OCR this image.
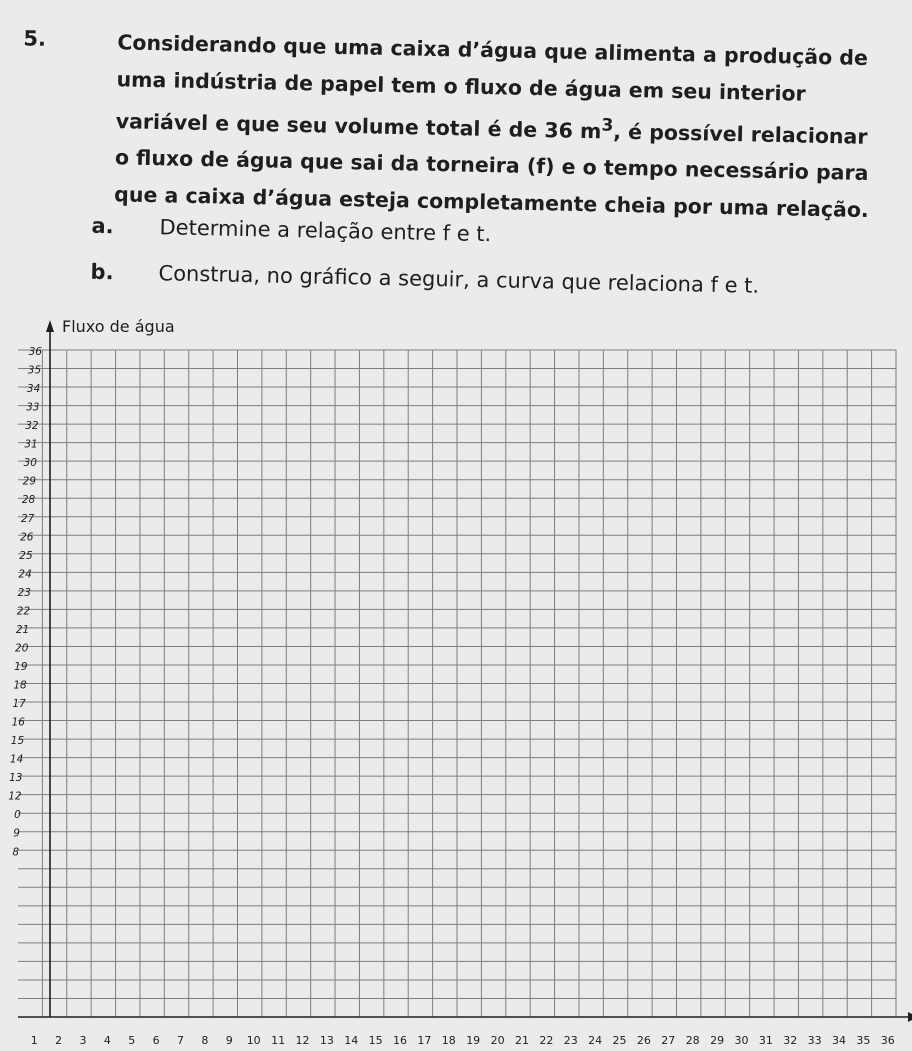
5.	Considerando que uma caixa d’água que alimenta a produção de uma indústria de papel tem o fluxo de água em seu interior variável e que seu volume total é de 36 $m^3$, é possível relacionar o fluxo de água que sai da torneira (f) e o tempo necessário para que a caixa d’água esteja completamente cheia por uma relação.
a. Determine a relação entre f e t.
b. Construa, no gráfico a seguir, a curva que relaciona f e t.
36
35
34
33
32
31
30
29
28
27
26
25
24
23
22
21
20
19
18
17
16
15
14
13
12
0
9
8
1 2 3 4 5 6 7 8 9 10 11 12 13 14 15 16 17 18 19 20 21 22 23 24 25 26 27 28 29 30 31 32 33 34 35 36
Fluxo de água
